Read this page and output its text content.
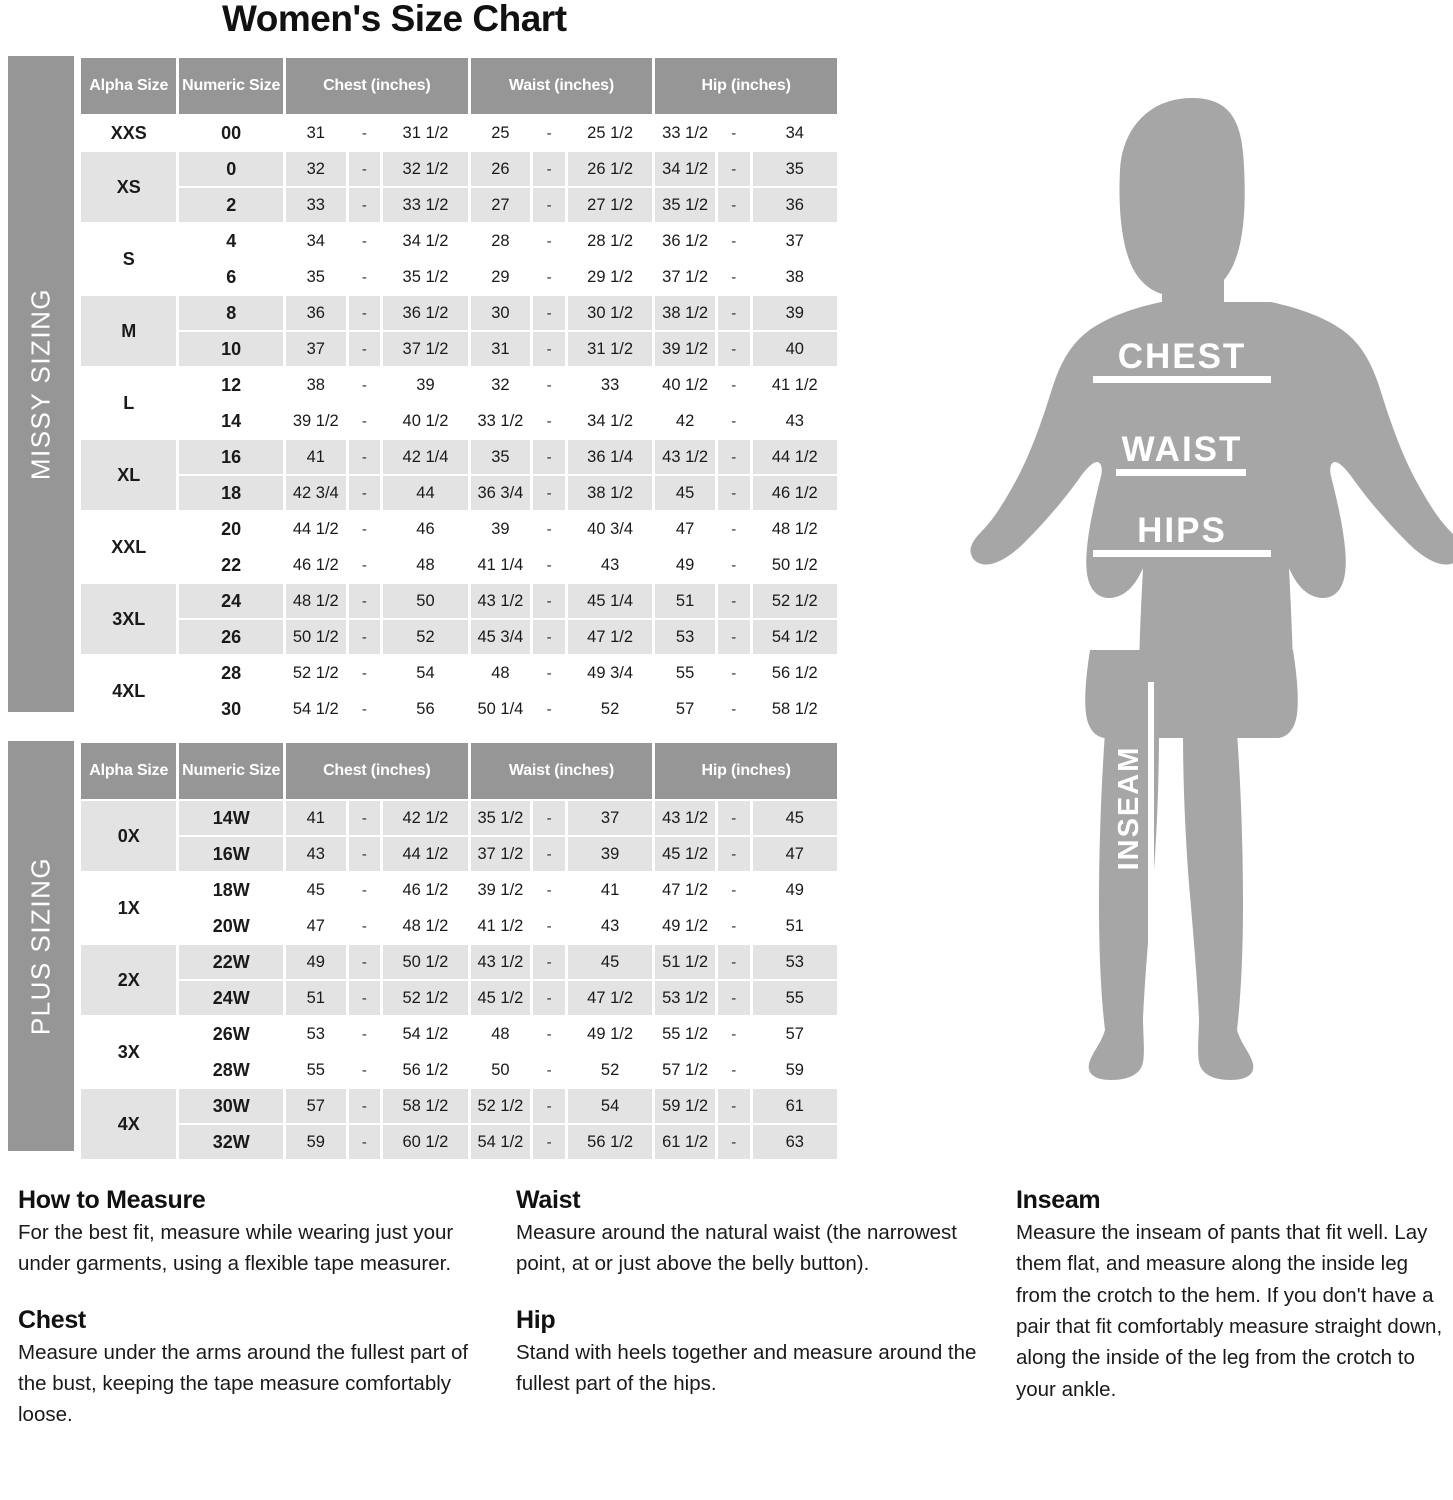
Women's Size Chart
MISSY SIZING
Alpha Size	Numeric Size	Chest (inches)			Waist (inches)			Hip (inches)		
XXS	00	31	-	31 1/2	25	-	25 1/2	33 1/2	-	34
XS	0	32	-	32 1/2	26	-	26 1/2	34 1/2	-	35
	2	33	-	33 1/2	27	-	27 1/2	35 1/2	-	36
S	4	34	-	34 1/2	28	-	28 1/2	36 1/2	-	37
	6	35	-	35 1/2	29	-	29 1/2	37 1/2	-	38
M	8	36	-	36 1/2	30	-	30 1/2	38 1/2	-	39
	10	37	-	37 1/2	31	-	31 1/2	39 1/2	-	40
L	12	38	-	39	32	-	33	40 1/2	-	41 1/2
	14	39 1/2	-	40 1/2	33 1/2	-	34 1/2	42	-	43
XL	16	41	-	42 1/4	35	-	36 1/4	43 1/2	-	44 1/2
	18	42 3/4	-	44	36 3/4	-	38 1/2	45	-	46 1/2
XXL	20	44 1/2	-	46	39	-	40 3/4	47	-	48 1/2
	22	46 1/2	-	48	41 1/4	-	43	49	-	50 1/2
3XL	24	48 1/2	-	50	43 1/2	-	45 1/4	51	-	52 1/2
	26	50 1/2	-	52	45 3/4	-	47 1/2	53	-	54 1/2
4XL	28	52 1/2	-	54	48	-	49 3/4	55	-	56 1/2
	30	54 1/2	-	56	50 1/4	-	52	57	-	58 1/2
PLUS SIZING
Alpha Size	Numeric Size	Chest (inches)			Waist (inches)			Hip (inches)		
0X	14W	41	-	42 1/2	35 1/2	-	37	43 1/2	-	45
	16W	43	-	44 1/2	37 1/2	-	39	45 1/2	-	47
1X	18W	45	-	46 1/2	39 1/2	-	41	47 1/2	-	49
	20W	47	-	48 1/2	41 1/2	-	43	49 1/2	-	51
2X	22W	49	-	50 1/2	43 1/2	-	45	51 1/2	-	53
	24W	51	-	52 1/2	45 1/2	-	47 1/2	53 1/2	-	55
3X	26W	53	-	54 1/2	48	-	49 1/2	55 1/2	-	57
	28W	55	-	56 1/2	50	-	52	57 1/2	-	59
4X	30W	57	-	58 1/2	52 1/2	-	54	59 1/2	-	61
	32W	59	-	60 1/2	54 1/2	-	56 1/2	61 1/2	-	63
CHEST
WAIST
HIPS
INSEAM
How to Measure

For the best fit, measure while wearing just your under garments, using a flexible tape measurer.

Chest

Measure under the arms around the fullest part of the bust, keeping the tape measure comfortably loose.

Waist

Measure around the natural waist (the narrowest point, at or just above the belly button).

Hip

Stand with heels together and measure around the fullest part of the hips.

Inseam

Measure the inseam of pants that fit well. Lay them flat, and measure along the inside leg from the crotch to the hem. If you don't have a pair that fit comfortably measure straight down, along the inside of the leg from the crotch to your ankle.
